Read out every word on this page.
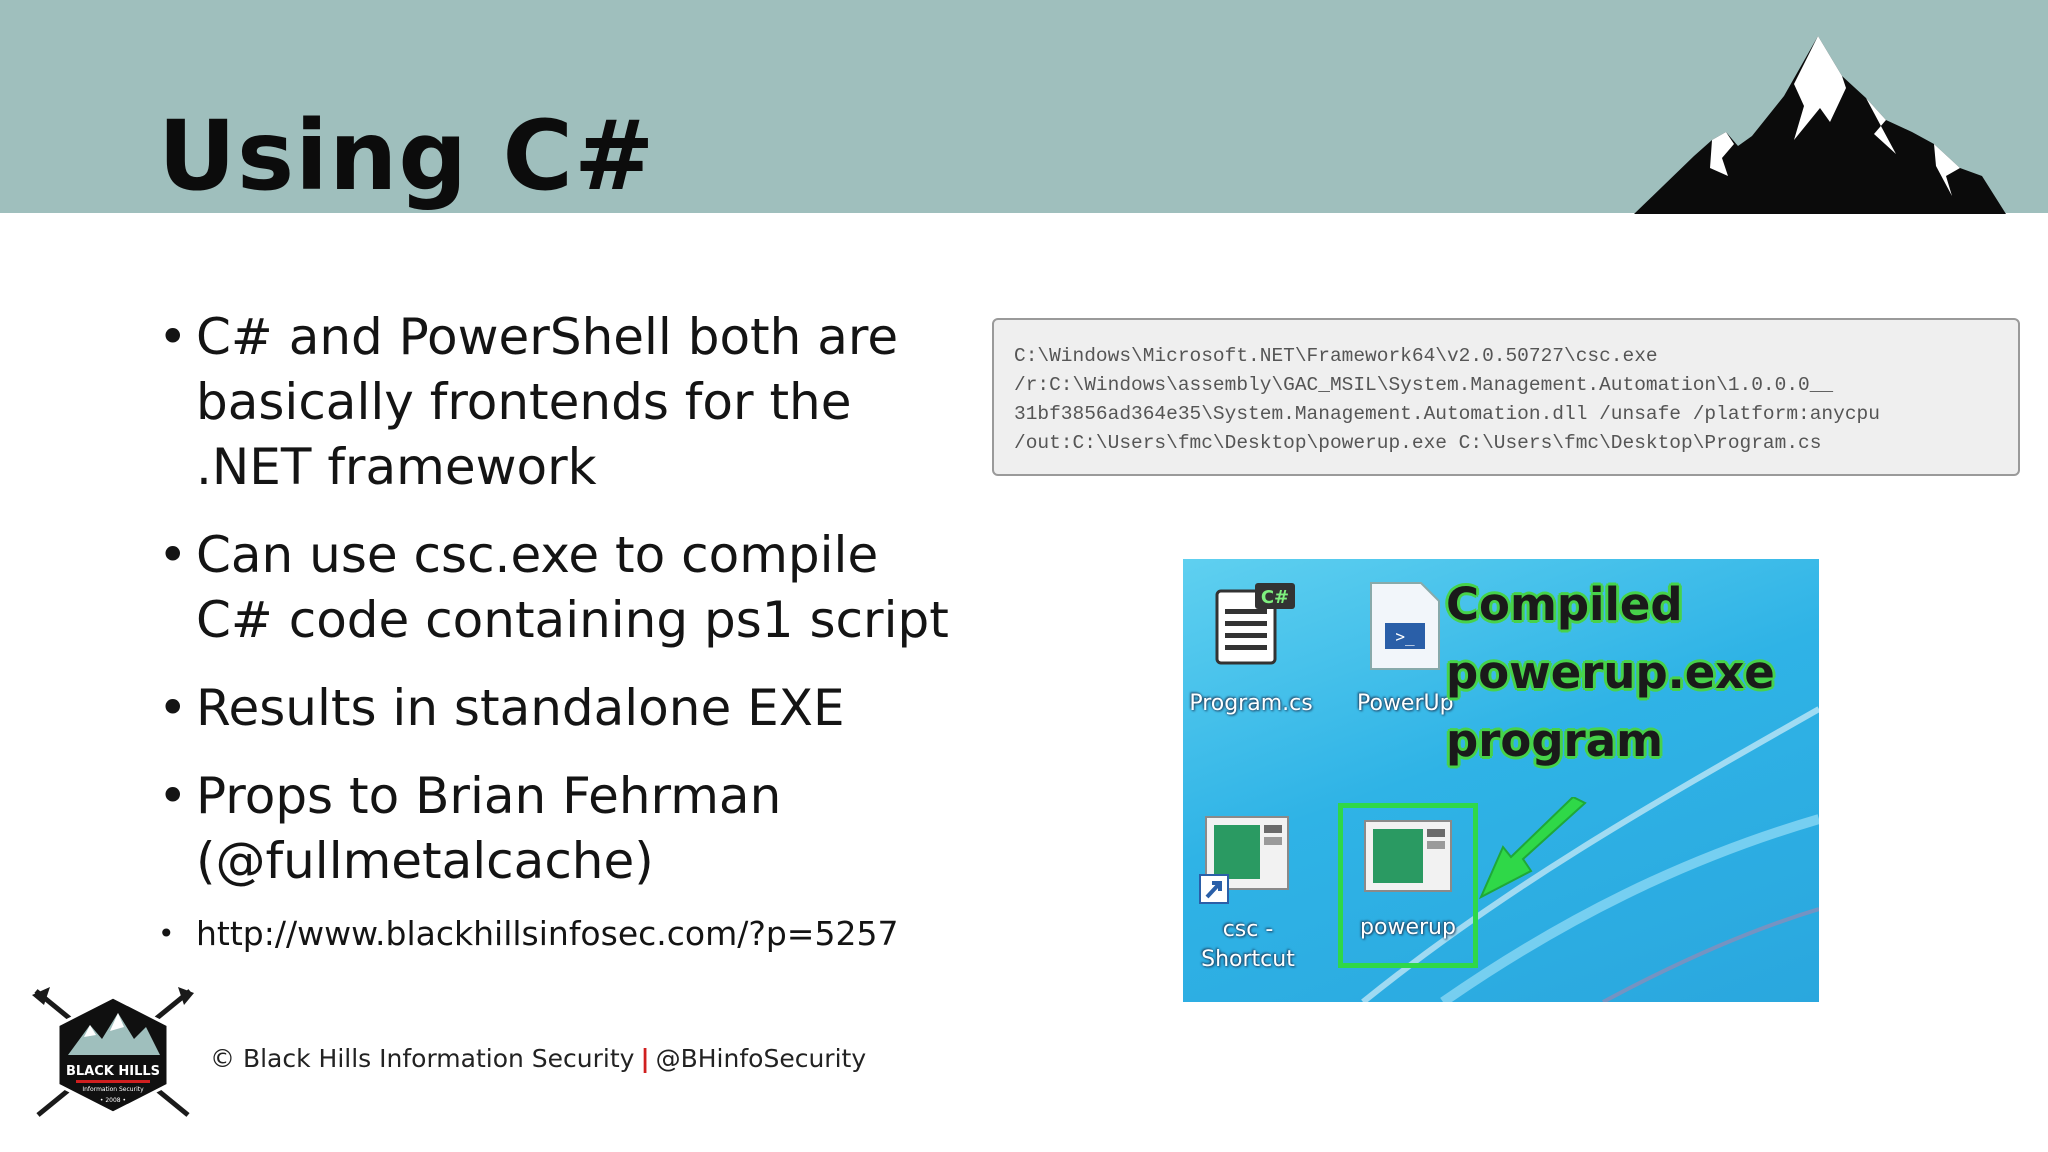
Using C#
• C# and PowerShell both are basically frontends for the .NET framework
• Can use csc.exe to compile C# code containing ps1 script
• Results in standalone EXE
• Props to Brian Fehrman (@fullmetalcache)
• http://www.blackhillsinfosec.com/?p=5257
C:\Windows\Microsoft.NET\Framework64\v2.0.50727\csc.exe
/r:C:\Windows\assembly\GAC_MSIL\System.Management.Automation\1.0.0.0__
31bf3856ad364e35\System.Management.Automation.dll /unsafe /platform:anycpu
/out:C:\Users\fmc\Desktop\powerup.exe C:\Users\fmc\Desktop\Program.cs
C#
Program.cs
>_
PowerUp
Compiled
powerup.exe
program
csc -
Shortcut
powerup
BLACK HILLS
Information Security
• 2008 •
© Black Hills Information Security | @BHinfoSecurity
